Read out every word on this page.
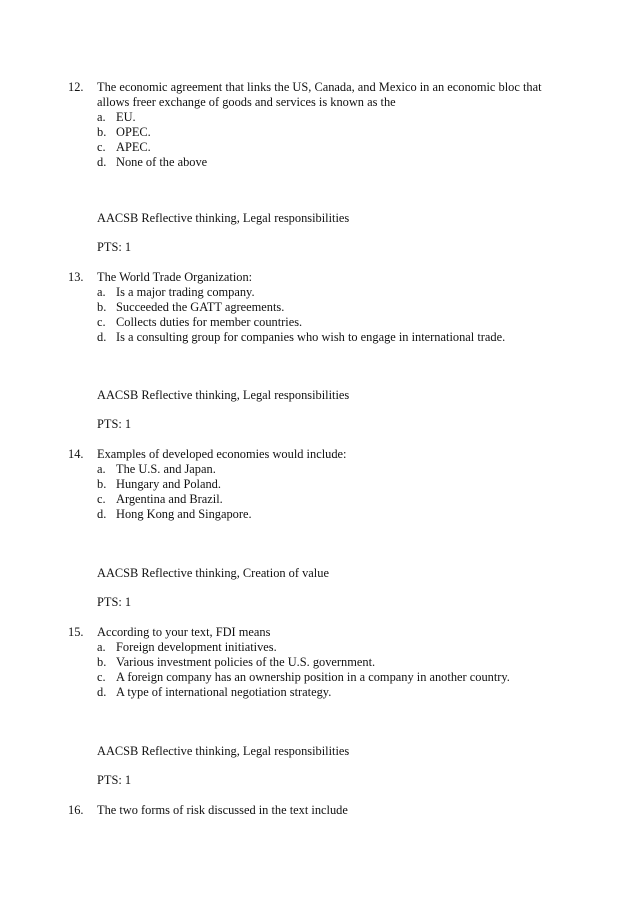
12.	The economic agreement that links the US, Canada, and Mexico in an economic bloc that allows freer exchange of goods and services is known as the
a. EU.
b. OPEC.
c. APEC.
d. None of the above
AACSB Reflective thinking, Legal responsibilities
PTS: 1
13.	The World Trade Organization:
a. Is a major trading company.
b. Succeeded the GATT agreements.
c. Collects duties for member countries.
d. Is a consulting group for companies who wish to engage in international trade.
AACSB Reflective thinking, Legal responsibilities
PTS: 1
14.	Examples of developed economies would include:
a. The U.S. and Japan.
b. Hungary and Poland.
c. Argentina and Brazil.
d. Hong Kong and Singapore.
AACSB Reflective thinking, Creation of value
PTS: 1
15.	According to your text, FDI means
a. Foreign development initiatives.
b. Various investment policies of the U.S. government.
c. A foreign company has an ownership position in a company in another country.
d. A type of international negotiation strategy.
AACSB Reflective thinking, Legal responsibilities
PTS: 1
16.	The two forms of risk discussed in the text include
